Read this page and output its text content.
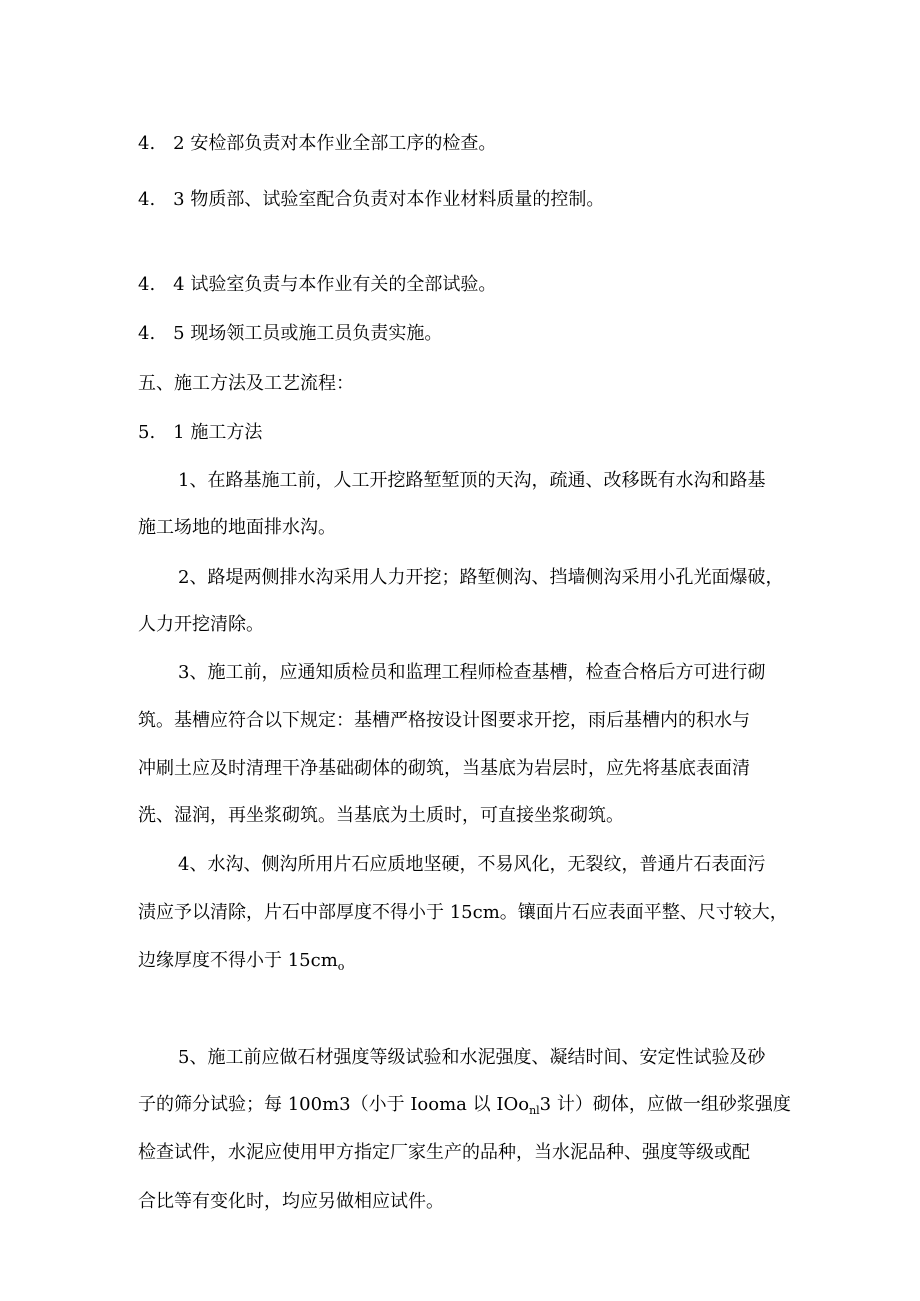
4.　2 安检部负责对本作业全部工序的检查。

4.　3 物质部、试验室配合负责对本作业材料质量的控制。

4.　4 试验室负责与本作业有关的全部试验。

4.　5 现场领工员或施工员负责实施。

五、施工方法及工艺流程：

5.　1 施工方法

1、在路基施工前，人工开挖路堑堑顶的天沟，疏通、改移既有水沟和路基

施工场地的地面排水沟。

2、路堤两侧排水沟采用人力开挖；路堑侧沟、挡墙侧沟采用小孔光面爆破，

人力开挖清除。

3、施工前，应通知质检员和监理工程师检查基槽，检查合格后方可进行砌

筑。基槽应符合以下规定：基槽严格按设计图要求开挖，雨后基槽内的积水与

冲刷土应及时清理干净基础砌体的砌筑，当基底为岩层时，应先将基底表面清

洗、湿润，再坐浆砌筑。当基底为土质时，可直接坐浆砌筑。

4、水沟、侧沟所用片石应质地坚硬，不易风化，无裂纹，普通片石表面污

渍应予以清除，片石中部厚度不得小于 15cm。镶面片石应表面平整、尺寸较大，

边缘厚度不得小于 $15cm_o$

5、施工前应做石材强度等级试验和水泥强度、凝结时间、安定性试验及砂

子的筛分试验；每 100m3（小于 Iooma 以 IOo$_{nl}$3 计）砌体，应做一组砂浆强度

检查试件，水泥应使用甲方指定厂家生产的品种，当水泥品种、强度等级或配

合比等有变化时，均应另做相应试件。
